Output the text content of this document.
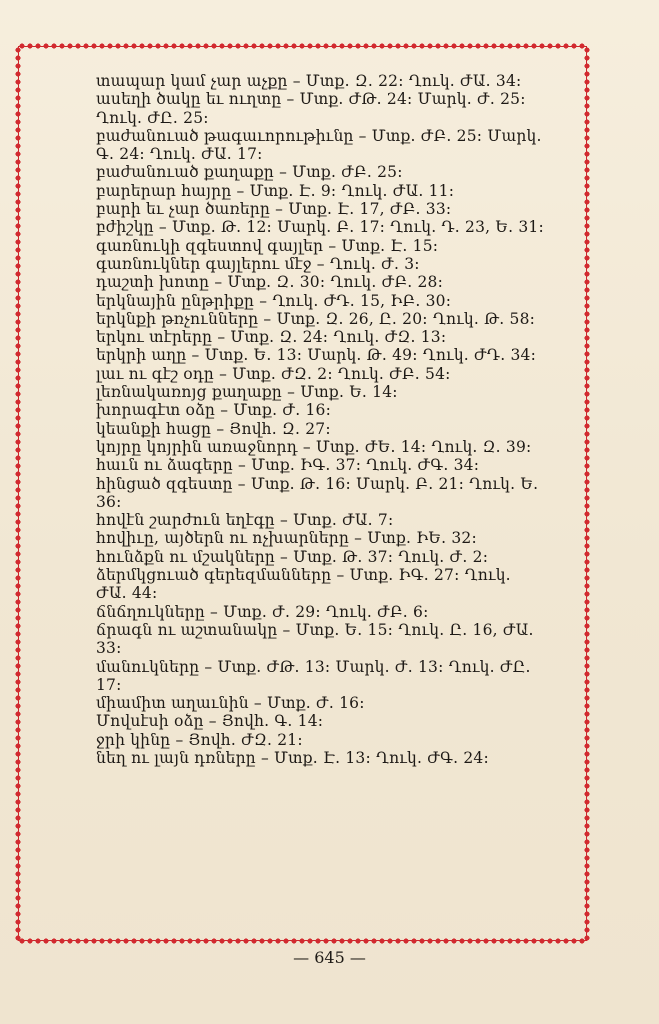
տապար կամ չար աչքը – Մտք. Զ. 22: Ղուկ. ԺԱ. 34:

ասեղի ծակը եւ ուղտը – Մտք. ԺԹ. 24: Մարկ. Ժ. 25: Ղուկ. ԺԸ. 25:

բաժանուած թագաւորութիւնը – Մտք. ԺԲ. 25: Մարկ. Գ. 24: Ղուկ. ԺԱ. 17:

բաժանուած քաղաքը – Մտք. ԺԲ. 25:

բարերար հայրը – Մտք. Է. 9: Ղուկ. ԺԱ. 11:

բարի եւ չար ծառերը – Մտք. Է. 17, ԺԲ. 33:

բժիշկը – Մտք. Թ. 12: Մարկ. Բ. 17: Ղուկ. Դ. 23, Ե. 31:

գառնուկի զգեստով գայլեր – Մտք. Է. 15:

գառնուկներ գայլերու մէջ – Ղուկ. Ժ. 3:

դաշտի խոտը – Մտք. Զ. 30: Ղուկ. ԺԲ. 28:

երկնային ընթրիքը – Ղուկ. ԺԴ. 15, ԻԲ. 30:

երկնքի թռչունները – Մտք. Զ. 26, Ը. 20: Ղուկ. Թ. 58:

երկու տէրերը – Մտք. Զ. 24: Ղուկ. ԺԶ. 13:

երկրի աղը – Մտք. Ե. 13: Մարկ. Թ. 49: Ղուկ. ԺԴ. 34:

լաւ ու գէշ օդը – Մտք. ԺԶ. 2: Ղուկ. ԺԲ. 54:

լեռնակառոյց քաղաքը – Մտք. Ե. 14:

խորագէտ օձը – Մտք. Ժ. 16:

կեանքի հացը – Յովհ. Զ. 27:

կոյրը կոյրին առաջնորդ – Մտք. ԺԵ. 14: Ղուկ. Զ. 39:

հաւն ու ձագերը – Մտք. ԻԳ. 37: Ղուկ. ԺԳ. 34:

հինցած զգեստը – Մտք. Թ. 16: Մարկ. Բ. 21: Ղուկ. Ե. 36:

հովէն շարժուն եղէգը – Մտք. ԺԱ. 7:

հովիւը, այծերն ու ոչխարները – Մտք. ԻԵ. 32:

հունձքն ու մշակները – Մտք. Թ. 37: Ղուկ. Ժ. 2:

ձերմկցուած գերեզմանները – Մտք. ԻԳ. 27: Ղուկ. ԺԱ. 44:

ճնճղուկները – Մտք. Ժ. 29: Ղուկ. ԺԲ. 6:

ճրագն ու աշտանակը – Մտք. Ե. 15: Ղուկ. Ը. 16, ԺԱ. 33:

մանուկները – Մտք. ԺԹ. 13: Մարկ. Ժ. 13: Ղուկ. ԺԸ. 17:

միամիտ աղաւնին – Մտք. Ժ. 16:

Մովսէսի օձը – Յովհ. Գ. 14:

ջրի կինը – Յովհ. ԺԶ. 21:

նեղ ու լայն դռները – Մտք. Է. 13: Ղուկ. ԺԳ. 24:

— 645 —
